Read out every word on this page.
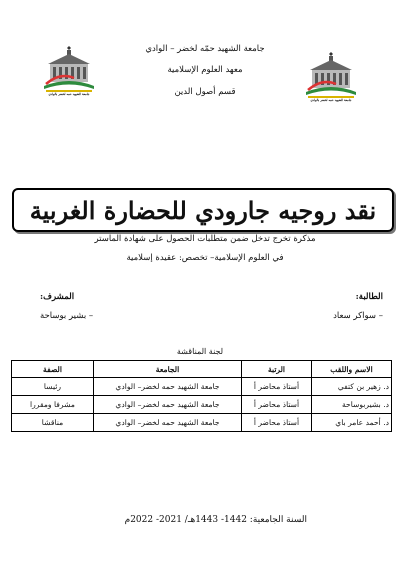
جامعة الشهيد حمه لخضر بالوادي
جامعة الشهيد حمه لخضر بالوادي
جامعة الشهيد حمّه لخضر – الوادي
معهد العلوم الإسلامية
قسم أصول الدين
نقد روجيه جارودي للحضارة الغربية
مذكرة تخرج تدخل ضمن متطلبات الحصول على شهادة الماستر
في العلوم الإسلامية– تخصص: عقيدة إسلامية
الطالبة:
– سواكر سعاد
المشرف:
– بشير بوساحة
لجنة المناقشة
الاسم واللقب	الرتبة	الجامعة	الصفة
د. زهير بن كتفي	أستاذ محاضر أ	جامعة الشهيد حمه لخضر– الوادي	رئيسا
د. بشيربوساحة	أستاذ محاضر أ	جامعة الشهيد حمه لخضر– الوادي	مشرفا ومقررا
د. أحمد عامر باي	أستاذ محاضر أ	جامعة الشهيد حمه لخضر– الوادي	مناقشا
السنة الجامعية: 1442- 1443هـ/ 2021- 2022م
